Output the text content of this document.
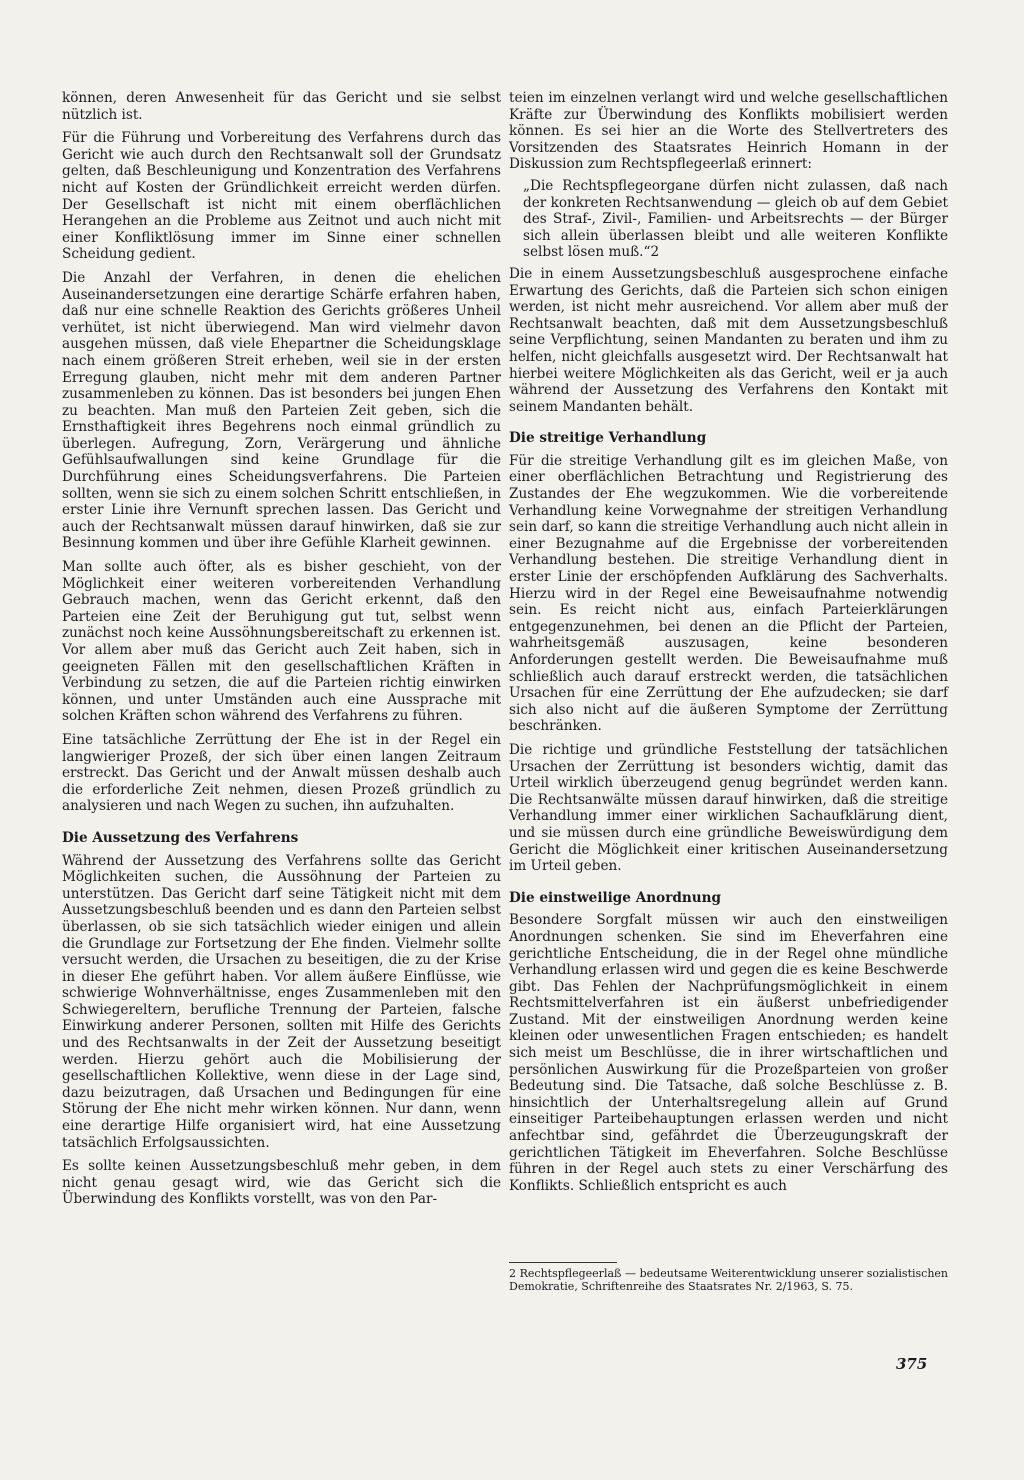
können, deren Anwesenheit für das Gericht und sie selbst nützlich ist.

Für die Führung und Vorbereitung des Verfahrens durch das Gericht wie auch durch den Rechtsanwalt soll der Grundsatz gelten, daß Beschleunigung und Konzentration des Verfahrens nicht auf Kosten der Gründlichkeit erreicht werden dürfen. Der Gesellschaft ist nicht mit einem oberflächlichen Herangehen an die Probleme aus Zeitnot und auch nicht mit einer Konfliktlösung immer im Sinne einer schnellen Scheidung gedient.

Die Anzahl der Verfahren, in denen die ehelichen Auseinandersetzungen eine derartige Schärfe erfahren haben, daß nur eine schnelle Reaktion des Gerichts größeres Unheil verhütet, ist nicht überwiegend. Man wird vielmehr davon ausgehen müssen, daß viele Ehepartner die Scheidungsklage nach einem größeren Streit erheben, weil sie in der ersten Erregung glauben, nicht mehr mit dem anderen Partner zusammenleben zu können. Das ist besonders bei jungen Ehen zu beachten. Man muß den Parteien Zeit geben, sich die Ernsthaftigkeit ihres Begehrens noch einmal gründlich zu überlegen. Aufregung, Zorn, Verärgerung und ähnliche Gefühlsaufwallungen sind keine Grundlage für die Durchführung eines Scheidungsverfahrens. Die Parteien sollten, wenn sie sich zu einem solchen Schritt entschließen, in erster Linie ihre Vernunft sprechen lassen. Das Gericht und auch der Rechtsanwalt müssen darauf hinwirken, daß sie zur Besinnung kommen und über ihre Gefühle Klarheit gewinnen.

Man sollte auch öfter, als es bisher geschieht, von der Möglichkeit einer weiteren vorbereitenden Verhandlung Gebrauch machen, wenn das Gericht erkennt, daß den Parteien eine Zeit der Beruhigung gut tut, selbst wenn zunächst noch keine Aussöhnungsbereitschaft zu erkennen ist. Vor allem aber muß das Gericht auch Zeit haben, sich in geeigneten Fällen mit den gesellschaftlichen Kräften in Verbindung zu setzen, die auf die Parteien richtig einwirken können, und unter Umständen auch eine Aussprache mit solchen Kräften schon während des Verfahrens zu führen.

Eine tatsächliche Zerrüttung der Ehe ist in der Regel ein langwieriger Prozeß, der sich über einen langen Zeitraum erstreckt. Das Gericht und der Anwalt müssen deshalb auch die erforderliche Zeit nehmen, diesen Prozeß gründlich zu analysieren und nach Wegen zu suchen, ihn aufzuhalten.

Die Aussetzung des Verfahrens

Während der Aussetzung des Verfahrens sollte das Gericht Möglichkeiten suchen, die Aussöhnung der Parteien zu unterstützen. Das Gericht darf seine Tätigkeit nicht mit dem Aussetzungsbeschluß beenden und es dann den Parteien selbst überlassen, ob sie sich tatsächlich wieder einigen und allein die Grundlage zur Fortsetzung der Ehe finden. Vielmehr sollte versucht werden, die Ursachen zu beseitigen, die zu der Krise in dieser Ehe geführt haben. Vor allem äußere Einflüsse, wie schwierige Wohnverhältnisse, enges Zusammenleben mit den Schwiegereltern, berufliche Trennung der Parteien, falsche Einwirkung anderer Personen, sollten mit Hilfe des Gerichts und des Rechtsanwalts in der Zeit der Aussetzung beseitigt werden. Hierzu gehört auch die Mobilisierung der gesellschaftlichen Kollektive, wenn diese in der Lage sind, dazu beizutragen, daß Ursachen und Bedingungen für eine Störung der Ehe nicht mehr wirken können. Nur dann, wenn eine derartige Hilfe organisiert wird, hat eine Aussetzung tatsächlich Erfolgsaussichten.

Es sollte keinen Aussetzungsbeschluß mehr geben, in dem nicht genau gesagt wird, wie das Gericht sich die Überwindung des Konflikts vorstellt, was von den Par-

teien im einzelnen verlangt wird und welche gesellschaftlichen Kräfte zur Überwindung des Konflikts mobilisiert werden können. Es sei hier an die Worte des Stellvertreters des Vorsitzenden des Staatsrates Heinrich Homann in der Diskussion zum Rechtspflegeerlaß erinnert:

„Die Rechtspflegeorgane dürfen nicht zulassen, daß nach der konkreten Rechtsanwendung — gleich ob auf dem Gebiet des Straf-, Zivil-, Familien- und Arbeitsrechts — der Bürger sich allein überlassen bleibt und alle weiteren Konflikte selbst lösen muß.“2

Die in einem Aussetzungsbeschluß ausgesprochene einfache Erwartung des Gerichts, daß die Parteien sich schon einigen werden, ist nicht mehr ausreichend. Vor allem aber muß der Rechtsanwalt beachten, daß mit dem Aussetzungsbeschluß seine Verpflichtung, seinen Mandanten zu beraten und ihm zu helfen, nicht gleichfalls ausgesetzt wird. Der Rechtsanwalt hat hierbei weitere Möglichkeiten als das Gericht, weil er ja auch während der Aussetzung des Verfahrens den Kontakt mit seinem Mandanten behält.

Die streitige Verhandlung

Für die streitige Verhandlung gilt es im gleichen Maße, von einer oberflächlichen Betrachtung und Registrierung des Zustandes der Ehe wegzukommen. Wie die vorbereitende Verhandlung keine Vorwegnahme der streitigen Verhandlung sein darf, so kann die streitige Verhandlung auch nicht allein in einer Bezugnahme auf die Ergebnisse der vorbereitenden Verhandlung bestehen. Die streitige Verhandlung dient in erster Linie der erschöpfenden Aufklärung des Sachverhalts. Hierzu wird in der Regel eine Beweisaufnahme notwendig sein. Es reicht nicht aus, einfach Parteierklärungen entgegenzunehmen, bei denen an die Pflicht der Parteien, wahrheitsgemäß auszusagen, keine besonderen Anforderungen gestellt werden. Die Beweisaufnahme muß schließlich auch darauf erstreckt werden, die tatsächlichen Ursachen für eine Zerrüttung der Ehe aufzudecken; sie darf sich also nicht auf die äußeren Symptome der Zerrüttung beschränken.

Die richtige und gründliche Feststellung der tatsächlichen Ursachen der Zerrüttung ist besonders wichtig, damit das Urteil wirklich überzeugend genug begründet werden kann. Die Rechtsanwälte müssen darauf hinwirken, daß die streitige Verhandlung immer einer wirklichen Sachaufklärung dient, und sie müssen durch eine gründliche Beweiswürdigung dem Gericht die Möglichkeit einer kritischen Auseinandersetzung im Urteil geben.

Die einstweilige Anordnung

Besondere Sorgfalt müssen wir auch den einstweiligen Anordnungen schenken. Sie sind im Eheverfahren eine gerichtliche Entscheidung, die in der Regel ohne mündliche Verhandlung erlassen wird und gegen die es keine Beschwerde gibt. Das Fehlen der Nachprüfungsmöglichkeit in einem Rechtsmittelverfahren ist ein äußerst unbefriedigender Zustand. Mit der einstweiligen Anordnung werden keine kleinen oder unwesentlichen Fragen entschieden; es handelt sich meist um Beschlüsse, die in ihrer wirtschaftlichen und persönlichen Auswirkung für die Prozeßparteien von großer Bedeutung sind. Die Tatsache, daß solche Beschlüsse z. B. hinsichtlich der Unterhaltsregelung allein auf Grund einseitiger Parteibehauptungen erlassen werden und nicht anfechtbar sind, gefährdet die Überzeugungskraft der gerichtlichen Tätigkeit im Eheverfahren. Solche Beschlüsse führen in der Regel auch stets zu einer Verschärfung des Konflikts. Schließlich entspricht es auch

2 Rechtspflegeerlaß — bedeutsame Weiterentwicklung unserer sozialistischen Demokratie, Schriftenreihe des Staatsrates Nr. 2/1963, S. 75.
375
